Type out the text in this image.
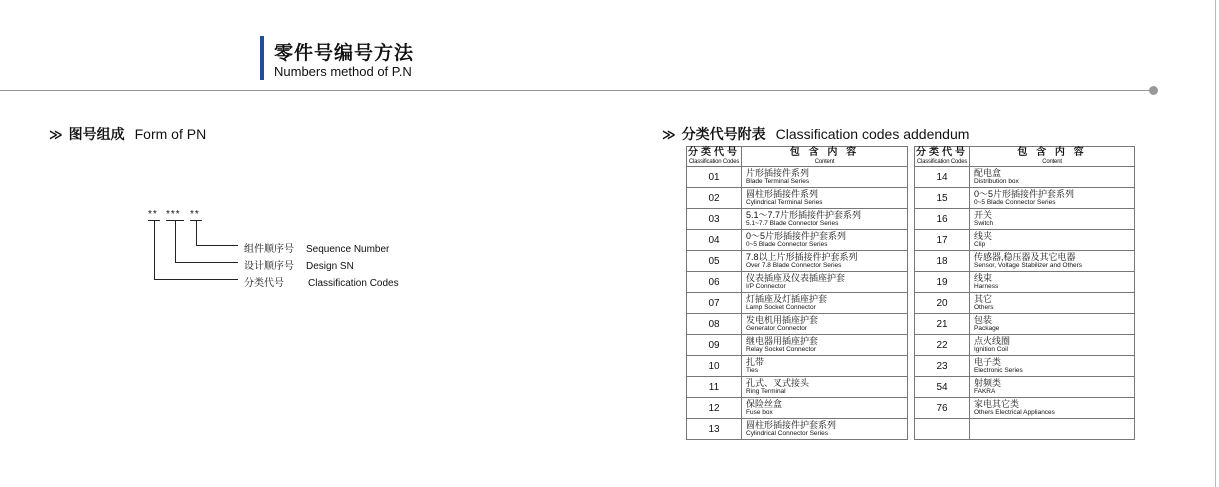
零件号编号方法
Numbers method of P.N
≫ 图号组成 Form of PN
** *** **
组件顺序号 Sequence Number
设计顺序号 Design SN
分类代号 Classification Codes
≫ 分类代号附表 Classification codes addendum
分类代号
Classification Codes	包 含 内 容
Content

01	片形插接件系列
Blade Terminal Series

02	圆柱形插接件系列
Cylindrical Terminal Series

03	5.1～7.7片形插接件护套系列
5.1~7.7 Blade Connector Series

04	0～5片形插接件护套系列
0~5 Blade Connector Series

05	7.8以上片形插接件护套系列
Over 7.8 Blade Connector Series

06	仪表插座及仪表插座护套
I/P Connector

07	灯插座及灯插座护套
Lamp Socket Connector

08	发电机用插座护套
Generator Connector

09	继电器用插座护套
Relay Socket Connector

10	扎带
Ties

11	孔式、叉式接头
Ring Terminal

12	保险丝盒
Fuse box

13	圆柱形插接件护套系列
Cylindrical Connector Series
分类代号
Classification Codes	包 含 内 容
Content

14	配电盒
Distribution box

15	0～5片形插接件护套系列
0~5 Blade Connector Series

16	开关
Switch

17	线夹
Clip

18	传感器,稳压器及其它电器
Sensor, Voltage Stabilizer and Others

19	线束
Harness

20	其它
Others

21	包装
Package

22	点火线圈
Ignition Coil

23	电子类
Electronic Series

54	射频类
FAKRA

76	家电其它类
Others Electrical Appliances
